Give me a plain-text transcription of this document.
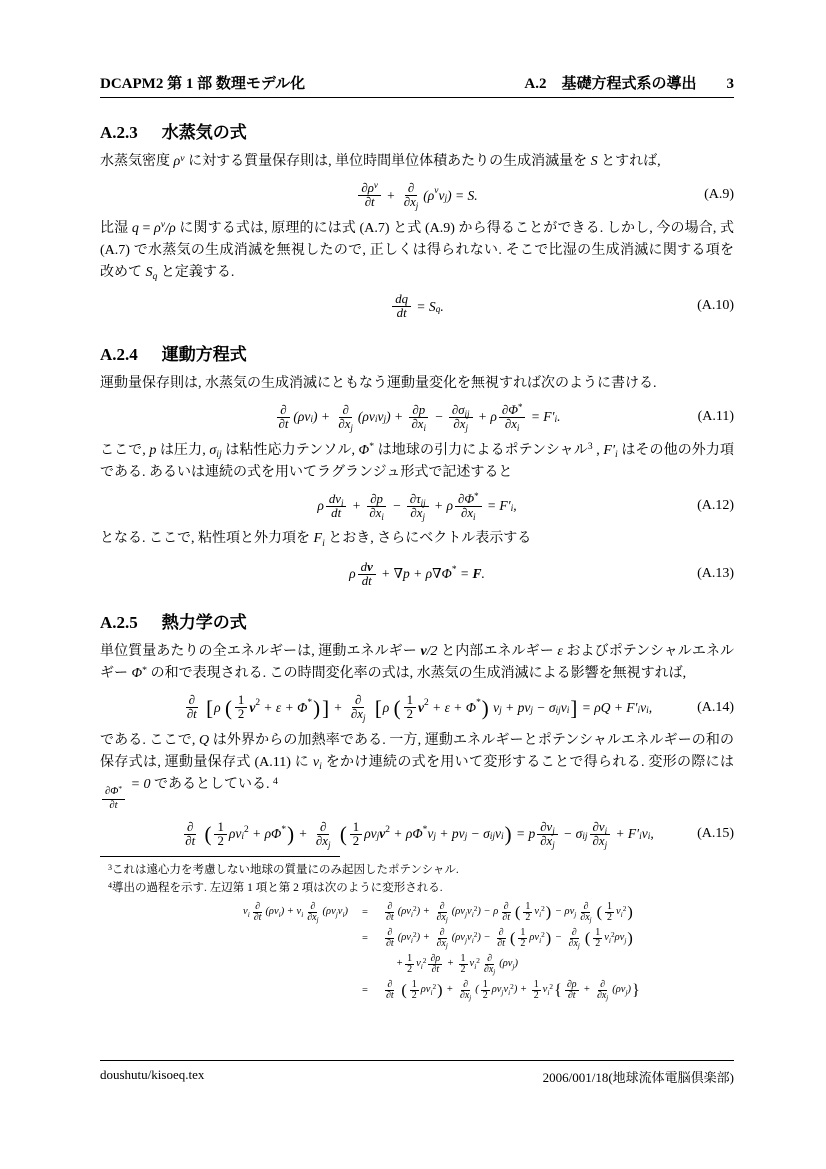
DCAPM2 第 1 部 数理モデル化	A.2　基礎方程式系の導出 3
A.2.3 水蒸気の式

水蒸気密度 $\rho^v$ に対する質量保存則は, 単位時間単位体積あたりの生成消滅量を S とすれば,

$\partial\rho^v$
∂t + ∂
$\partial x_j$
($\rho^v$ $v_j$ ) = S.	(A.9)

比湿 $q = \rho^v/\rho$ に関する式は, 原理的には式 (A.7) と式 (A.9) から得ることができる. しかし, 今の場合, 式 (A.7) で水蒸気の生成消滅を無視したので, 正しくは得られない. そこで比湿の生成消滅に関する項を改めて $S_q$ と定義する.

$\frac{dq}{dt} = S_q$ .	(A.10)
A.2.4 運動方程式

運動量保存則は, 水蒸気の生成消滅にともなう運動量変化を無視すれば次のように書ける.

∂
∂t ($\rho v_i$ ) + ∂
$\partial x_j$
($\rho v_i$ $v_j$ ) + $\frac{\partial p}{\partial x_i} - \partial\sigma_{ij}$
$\partial x_j$
+ ρ $\frac{\partial\Phi^*}{\partial x_i} = F'_i$ .	(A.11)

ここで, p は圧力, $\sigma_{ij}$ は粘性応力テンソル, Φ* は地球の引力によるポテンシャル$^3$ , $F'_i$ はその他の外力項である. あるいは連続の式を用いてラグランジュ形式で記述すると

ρ $dv_i$
dt + $\frac{\partial p}{\partial x_i} - \partial\tau_{ij}$
$\partial x_j$
+ ρ $\frac{\partial\Phi^*}{\partial x_i} = F'_i$ ,	(A.12)

となる. ここで, 粘性項と外力項を $F_i$ とおき, さらにベクトル表示する

ρ d v
dt
+ ∇p + ρ∇Φ* = F .	(A.13)
A.2.5 熱力学の式

単位質量あたりの全エネルギーは, 運動エネルギー v/2 と内部エネルギー ε およびポテンシャルエネルギー Φ* の和で表現される. この時間変化率の式は, 水蒸気の生成消滅による影響を無視すれば,

∂
∂t
[ ρ ( 1
2 $v^2 + \varepsilon + \Phi^*$ ) ] + ∂
$\partial x_j$
[ ρ ( 1
2 $v^2 + \varepsilon + \Phi^*$ ) $v_j + pv_j - \sigma_{ij}$ $v_i$ ] = $\rho Q + F'_i$ $v_i$ ,	(A.14)

である. ここで, Q は外界からの加熱率である. 一方, 運動エネルギーとポテンシャルエネルギーの和の保存式は, 運動量保存式 (A.11) に $v_i$ をかけ連続の式を用いて変形することで得られる. 変形の際には
$\frac{\partial\Phi^*}{\partial t}$
= 0 であるとしている. $^4$

∂
∂t
( 1
2 $\rho v_i$
$^2$ + ρΦ* ) + ∂
$\partial x_j$
( 1
2 $\rho v_j$ $v^2 + \rho\Phi^*$ $v_j + pv_j - \sigma_{ij}$ $v_i$ ) = p $\partial v_j$
$\partial x_j$
− $\sigma_{ij}$
$\partial v_i$
$\partial x_j$
+ $F'_i$ $v_i$ ,	(A.15)

$^3$これは遠心力を考慮しない地球の質量にのみ起因したポテンシャル.

$^4$導出の過程を示す. 左辺第 1 項と第 2 項は次のように変形される.

$v_i$
∂
∂t
($\rho v_i$ ) + $v_i$
∂
$\partial x_j$
($\rho v_j$ $v_i$ )	=
∂
∂t
($\rho v_i$
$^2$ ) + ∂
$\partial x_j$
($\rho v_j$ $v_i$
$^2$ ) − ρ ∂
∂t ( 1
2
$v_i$
$^2$ ) − $\rho v_j$
∂
$\partial x_j$ ( 1
2
$v_i$
$^2$ )
=
∂
∂t
($\rho v_i$
$^2$ ) + ∂
$\partial x_j$
($\rho v_j$ $v_i$
$^2$ ) − ∂
∂t ( 1
2
$\rho v_i$
$^2$ ) − ∂
$\partial x_j$ ( 1
2
$v_i$
$^2$ $\rho v_j$ )
+ $\frac{1}{2} v_i$
$^2$ ∂ρ
∂t
+ $\frac{1}{2} v_i$
$^2$ ∂
$\partial x_j$
($\rho v_j$ )
=
∂
∂t
( 1
2
$\rho v_i$
$^2$ ) + ∂
$\partial x_j$
( 1
2
$\rho v_j$ $v_i$
$^2$ ) + $\frac{1}{2} v_i$
$^2$ { ∂ρ
∂t
+ ∂
$\partial x_j$
($\rho v_j$ ) }
doushutu/kisoeq.tex	2006/001/18(地球流体電脳倶楽部)
